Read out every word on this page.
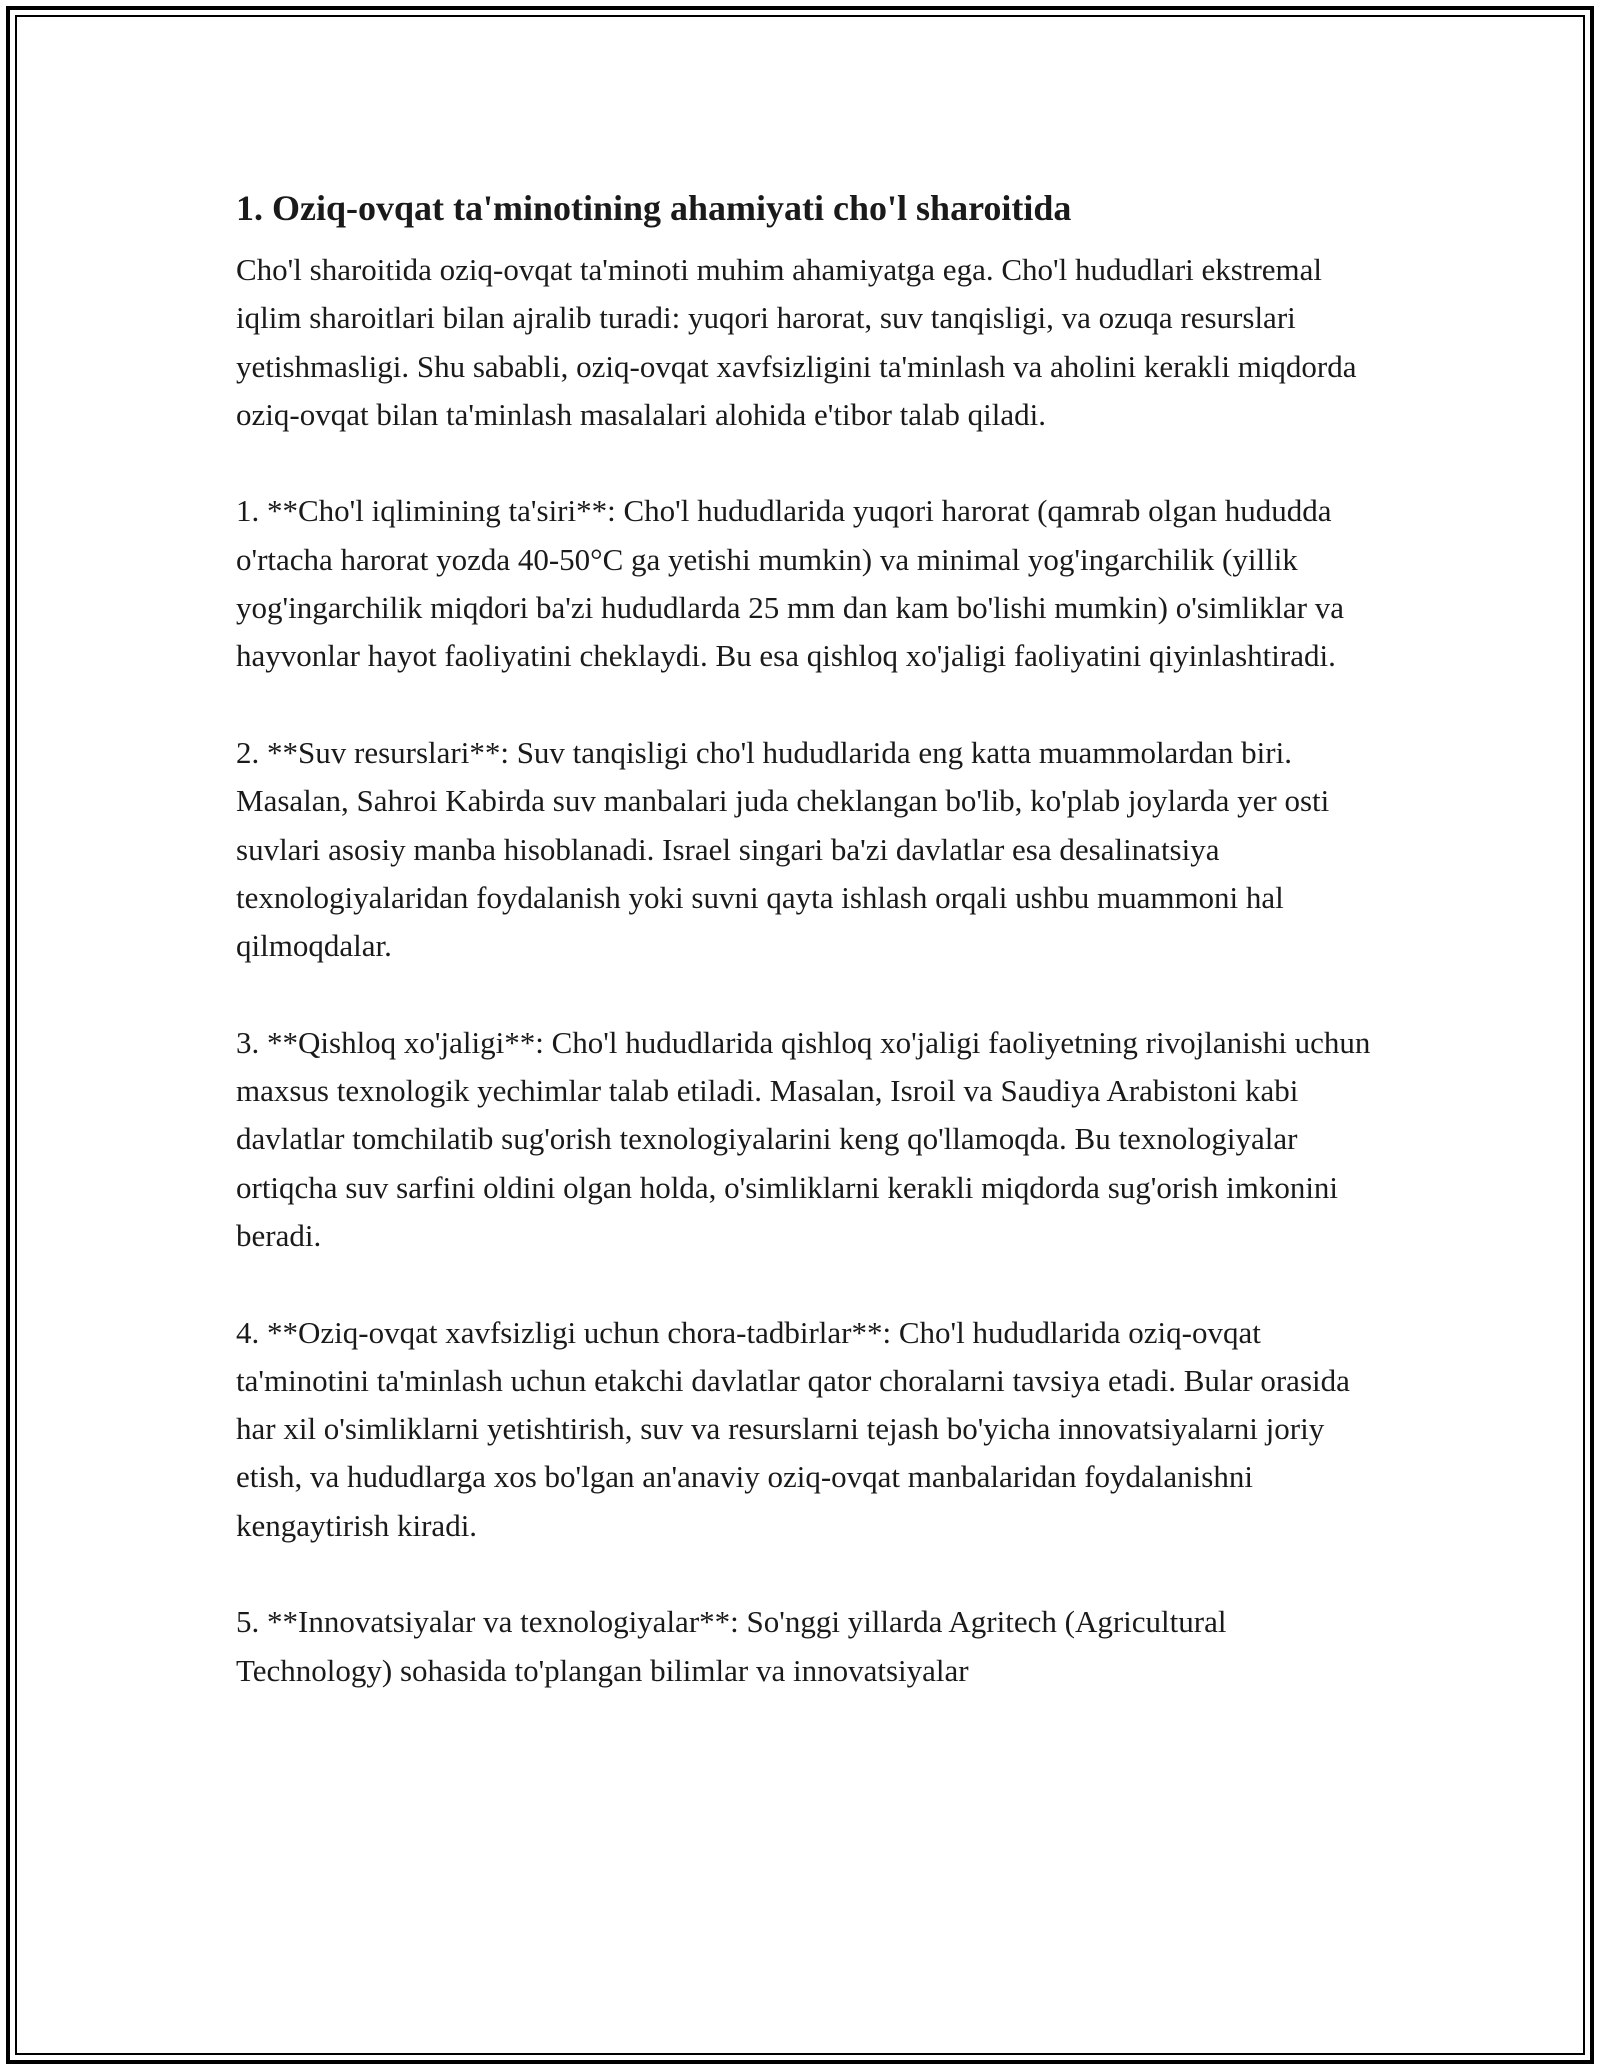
1. Oziq-ovqat ta'minotining ahamiyati cho'l sharoitida

Cho'l sharoitida oziq-ovqat ta'minoti muhim ahamiyatga ega. Cho'l hududlari ekstremal iqlim sharoitlari bilan ajralib turadi: yuqori harorat, suv tanqisligi, va ozuqa resurslari yetishmasligi. Shu sababli, oziq-ovqat xavfsizligini ta'minlash va aholini kerakli miqdorda oziq-ovqat bilan ta'minlash masalalari alohida e'tibor talab qiladi.

1. **Cho'l iqlimining ta'siri**: Cho'l hududlarida yuqori harorat (qamrab olgan hududda o'rtacha harorat yozda 40-50°C ga yetishi mumkin) va minimal yog'ingarchilik (yillik yog'ingarchilik miqdori ba'zi hududlarda 25 mm dan kam bo'lishi mumkin) o'simliklar va hayvonlar hayot faoliyatini cheklaydi. Bu esa qishloq xo'jaligi faoliyatini qiyinlashtiradi.

2. **Suv resurslari**: Suv tanqisligi cho'l hududlarida eng katta muammolardan biri. Masalan, Sahroi Kabirda suv manbalari juda cheklangan bo'lib, ko'plab joylarda yer osti suvlari asosiy manba hisoblanadi. Israel singari ba'zi davlatlar esa desalinatsiya texnologiyalaridan foydalanish yoki suvni qayta ishlash orqali ushbu muammoni hal qilmoqdalar.

3. **Qishloq xo'jaligi**: Cho'l hududlarida qishloq xo'jaligi faoliyetning rivojlanishi uchun maxsus texnologik yechimlar talab etiladi. Masalan, Isroil va Saudiya Arabistoni kabi davlatlar tomchilatib sug'orish texnologiyalarini keng qo'llamoqda. Bu texnologiyalar ortiqcha suv sarfini oldini olgan holda, o'simliklarni kerakli miqdorda sug'orish imkonini beradi.

4. **Oziq-ovqat xavfsizligi uchun chora-tadbirlar**: Cho'l hududlarida oziq-ovqat ta'minotini ta'minlash uchun etakchi davlatlar qator choralarni tavsiya etadi. Bular orasida har xil o'simliklarni yetishtirish, suv va resurslarni tejash bo'yicha innovatsiyalarni joriy etish, va hududlarga xos bo'lgan an'anaviy oziq-ovqat manbalaridan foydalanishni kengaytirish kiradi.

5. **Innovatsiyalar va texnologiyalar**: So'nggi yillarda Agritech (Agricultural Technology) sohasida to'plangan bilimlar va innovatsiyalar
